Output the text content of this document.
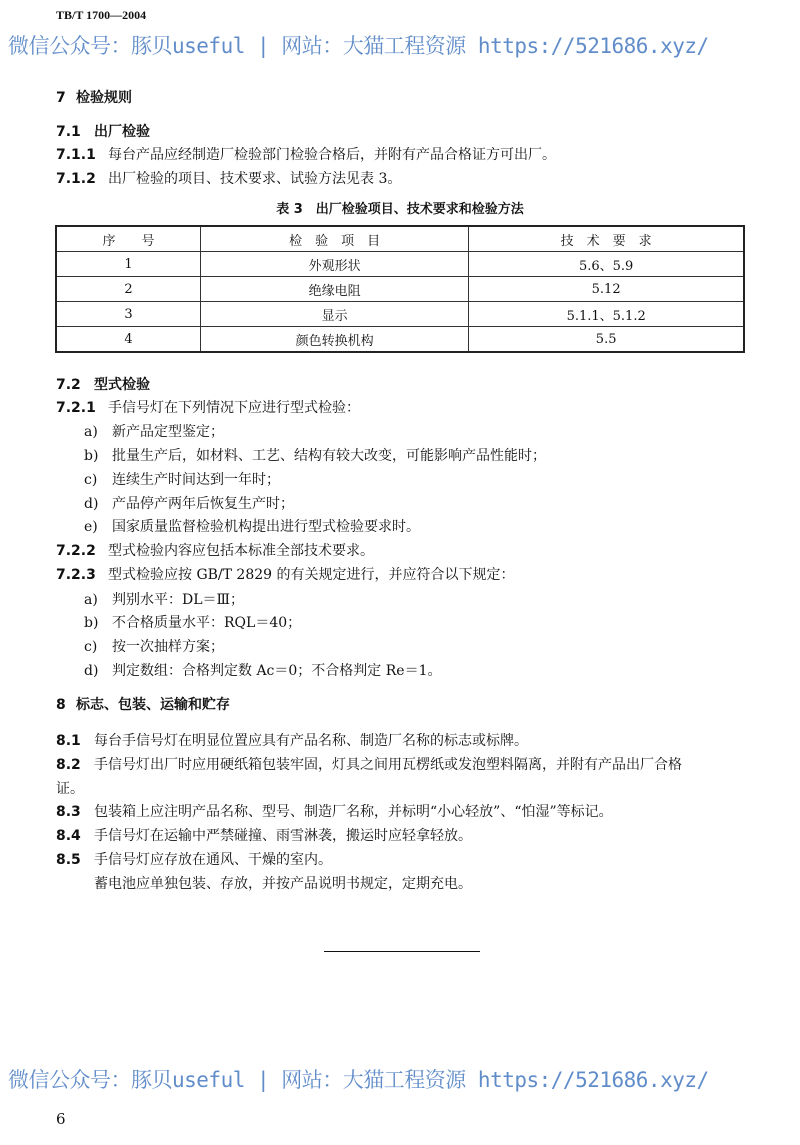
TB/T 1700—2004
微信公众号：豚贝useful | 网站：大猫工程资源 https://521686.xyz/
7 检验规则
7.1 出厂检验
7.1.1 每台产品应经制造厂检验部门检验合格后，并附有产品合格证方可出厂。
7.1.2 出厂检验的项目、技术要求、试验方法见表 3。
表 3　出厂检验项目、技术要求和检验方法
序　　号	检　验　项　目	技　术　要　求
1	外观形状	5.6、5.9
2	绝缘电阻	5.12
3	显示	5.1.1、5.1.2
4	颜色转换机构	5.5
7.2 型式检验
7.2.1 手信号灯在下列情况下应进行型式检验：
a) 新产品定型鉴定；
b) 批量生产后，如材料、工艺、结构有较大改变，可能影响产品性能时；
c) 连续生产时间达到一年时；
d) 产品停产两年后恢复生产时；
e) 国家质量监督检验机构提出进行型式检验要求时。
7.2.2 型式检验内容应包括本标准全部技术要求。
7.2.3 型式检验应按 GB/T 2829 的有关规定进行，并应符合以下规定：
a) 判别水平：DL＝Ⅲ；
b) 不合格质量水平：RQL＝40；
c) 按一次抽样方案；
d) 判定数组：合格判定数 Ac＝0；不合格判定 Re＝1。
8 标志、包装、运输和贮存
8.1 每台手信号灯在明显位置应具有产品名称、制造厂名称的标志或标牌。
8.2 手信号灯出厂时应用硬纸箱包装牢固，灯具之间用瓦楞纸或发泡塑料隔离，并附有产品出厂合格
证。
8.3 包装箱上应注明产品名称、型号、制造厂名称，并标明“小心轻放”、“怕湿”等标记。
8.4 手信号灯在运输中严禁碰撞、雨雪淋袭，搬运时应轻拿轻放。
8.5 手信号灯应存放在通风、干燥的室内。
蓄电池应单独包装、存放，并按产品说明书规定，定期充电。
微信公众号：豚贝useful | 网站：大猫工程资源 https://521686.xyz/
6
